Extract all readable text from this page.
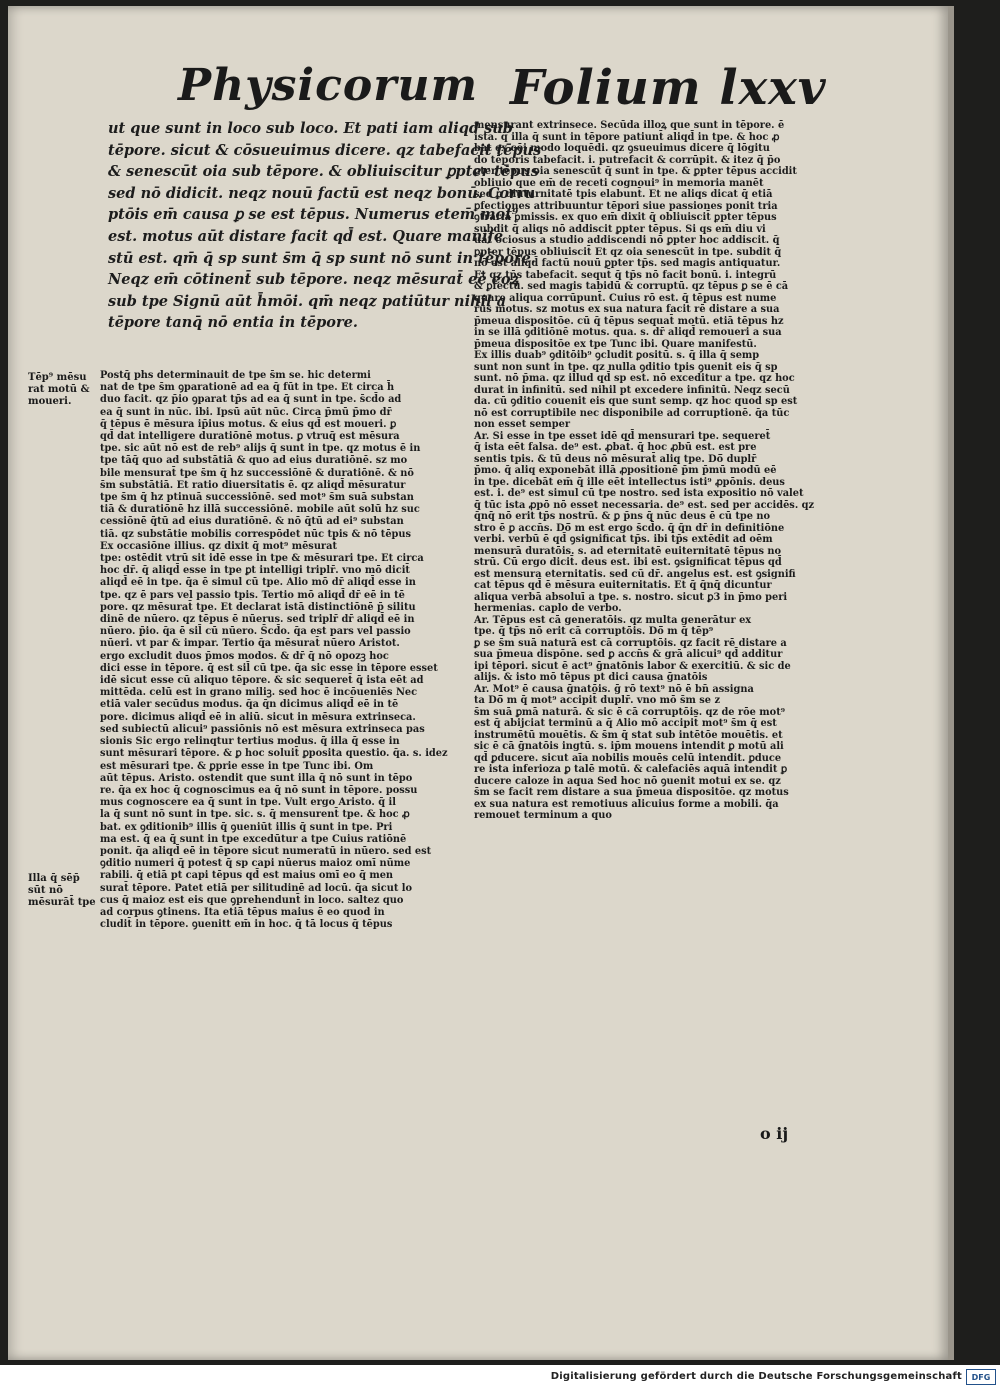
Physicorum Folium lxxv
ut que sunt in loco sub loco. Et pati iam aliqd sub
tēpore. sicut & cōsueuimus dicere. qz tabefacit tēpus
& senescūt oia sub tēpore. & obliuiscitur ꝑpter tēpus
sed nō didicit. neqz nouū factū est neqz bonū. Corru
ptōis em̄ causa ꝑ se est tēpus. Numerus etem̄ mot⁹
est. motus aūt distare facit qd̄ est. Quare manife
stū est. qm̄ q̄ sp sunt s̄m q̄ sp sunt nō sunt in tēpore.
Neqz em̄ cōtinent̄ sub tēpore. neqz mēsurat̄ eē eoꝝ
sub tpe Signū aūt h̄mōi. qm̄ neqz patiūtur nihil a
tēpore tanq̄ nō entia in tēpore.
Postq̄ phs determinauit de tpe s̄m se. hic determi
nat de tpe s̄m ꝯparationē ad ea q̄ fūt in tpe. Et circa h̄
duo facit. qz p̄io ꝯparat tp̄s ad ea q̄ sunt in tpe. s̄cd̄o ad
ea q̄ sunt in nūc. ibi. Ipsū aūt nūc. Circa p̄mū p̄mo dr̄
q̄ tēpus ē mēsura ip̄ius motus. & eius qd̄ est moueri. ꝑ
qd̄ dat intelligere duratiōnē motus. ꝑ vtruq̄ est mēsura
tpe. sic aūt nō est de reb⁹ alijs q̄ sunt in tpe. qz motus ē in
tpe tāq̄ quo ad substātiā & quo ad eius duratiōnē. sz mo
bile mensurat̄ tpe s̄m q̄ hz successiōnē & duratiōnē. & nō
s̄m substātiā. Et ratio diuersitatis ē. qz aliqd̄ mēsuratur
tpe s̄m q̄ hz ptinuā successiōnē. sed mot⁹ s̄m suā substan
tiā & duratiōnē hz illā successiōnē. mobile aūt solū hz suc
cessiōnē q̄tū ad eius duratiōnē. & nō q̄tū ad ei⁹ substan
tiā. qz substātie mobilis correspōdet nūc tpis & nō tēpus
Ex occasiōne illius. qz dixit q̄ mot⁹ mēsurat̄
tpe: ostēdit vtrū sit idē esse in tpe & mēsurari tpe. Et circa
hoc dr̄. q̄ aliqd̄ esse in tpe ꝑt intelligi triplr̄. vno mō dicit̄
aliqd̄ eē in tpe. q̄a ē simul cū tpe. Alio mō dr̄ aliqd̄ esse in
tpe. qz ē pars vel passio tpis. Tertio mō aliqd̄ dr̄ eē in tē
pore. qz mēsurat̄ tpe. Et declarat istā distinctiōnē p̄ silitu
dinē de nūero. qz tēpus ē nūerus. sed triplr̄ dr̄ aliqd̄ eē in
nūero. p̄io. q̄a ē sil̄ cū nūero. S̄cd̄o. q̄a est pars vel passio
nūeri. vt par & impar. Tertio q̄a mēsurat̄ nūero Aristot.
ergo excludit duos p̄mos modos. & dr̄ q̄ nō opozꝫ hoc
dici esse in tēpore. q̄ est sil̄ cū tpe. q̄a sic esse in tēpore esset
idē sicut esse cū aliquo tēpore. & sic sequeret̄ q̄ ista eēt ad
mittēda. celū est in grano miliꝫ. sed hoc ē incōueniēs Nec
etiā valer secūdus modus. q̄a q̄n dicimus aliqd̄ eē in tē
pore. dicimus aliqd̄ eē in aliū. sicut in mēsura extrinseca.
sed subiectū alicui⁹ passiōnis nō est mēsura extrinseca pas
sionis Sic ergo relinqtur tertius modus. q̄ illa q̄ esse in
sunt mēsurari tēpore. & ꝑ hoc soluit̄ ꝑposita questio. q̄a. s. idez
est mēsurari tpe. & ꝑprie esse in tpe Tunc ibi. Om
aūt tēpus. Aristo. ostendit que sunt illa q̄ nō sunt in tēpo
re. q̄a ex hoc q̄ cognoscimus ea q̄ nō sunt in tēpore. possu
mus cognoscere ea q̄ sunt in tpe. Vult ergo Aristo. q̄ il
la q̄ sunt nō sunt in tpe. sic. s. q̄ mensurent̄ tpe. & hoc ꝓ
bat. ex ꝯditionib⁹ illis q̄ ꝯueniūt illis q̄ sunt in tpe. Pri
ma est. q̄ ea q̄ sunt in tpe excedūtur a tpe Cuius ratiōnē
ponit. q̄a aliqd̄ eē in tēpore sicut numeratū in nūero. sed est
ꝯditio numeri q̄ potest q̄ sp capi nūerus maioz omī nūme
rabili. q̄ etiā pt capi tēpus qd̄ est maius omī eo q̄ men
surat̄ tēpore. Patet etiā per silitudinē ad locū. q̄a sicut lo
cus q̄ maioz est eis que ꝯprehendunt̄ in loco. saltez quo
ad corpus ꝯtinens. Ita etiā tēpus maius ē eo quod in
cludit̄ in tēpore. ꝯuenitt em̄ in hoc. q̄ tā locus q̄ tēpus
mensurant extrinsece. Secūda illoꝝ que sunt in tēpore. ē
ista. q̄ illa q̄ sunt in tēpore patiunt̄ aliqd̄ in tpe. & hoc ꝓ
bat ex cōi modo loquēdi. qz ꝯsueuimus dicere q̄ lōgitu
do tēporis tabefacit. i. putrefacit & corrūpit. & itez q̄ p̄o
ꝑter tēpus oia senescūt q̄ sunt in tpe. & ꝑpter tēpus accidit
obliuio que em̄ de receti cognoui⁹ in memoria manēt
sed ꝑ diuturnitatē tpis elabunt̄. Et ne aliqs dicat q̄ etiā
ꝑfectiones attribuuntur tēpori siue passiones ponit tria
ꝯtraria ꝑmissis. ex quo em̄ dixit q̄ obliuiscit̄ ꝑpter tēpus
subdit q̄ aliqs nō addiscit ꝑpter tēpus. Si qs em̄ diu vi
uat ociosus a studio addiscendi nō ꝑpter hoc addiscit. q̄
ꝑpter tēpus obliuiscit̄ Et qz oia senescūt in tpe. subdit q̄
nō est aliqd̄ factū nouū ꝑpter tp̄s. sed magis antiquatur.
Et qz tp̄s tabefacit. sequt̄ q̄ tp̄s nō facit bonū. i. integrū
& ꝑfectū. sed magis tabidū & corruptū. qz tēpus ꝑ se ē cā
quare aliqua corrūpunt̄. Cuius rō est. q̄ tēpus est nume
rus motus. sz motus ex sua natura facit rē distare a sua
p̄meua dispositōe. cū q̄ tēpus sequat̄ motū. etiā tēpus hz
in se illā ꝯditiōnē motus. qua. s. dr̄ aliqd̄ remoueri a sua
p̄meua dispositōe ex tpe Tunc ibi. Quare manifestū.
Ex illis duab⁹ ꝯditōib⁹ ꝯcludit ꝑositū. s. q̄ illa q̄ semp
sunt non sunt in tpe. qz nulla ꝯditio tpis ꝯuenit eis q̄ sp
sunt. nō p̄ma. qz illud qd̄ sp est. nō exceditur a tpe. qz hoc
durat in infinitū. sed nihil pt excedere infinitū. Neqz secū
da. cū ꝯditio couenit eis que sunt semp. qz hoc quod sp est
nō est corruptibile nec disponibile ad corruptionē. q̄a tūc
non esset semper
Ar. Si esse in tpe esset idē qd̄ mensurari tpe. sequeret̄
q̄ ista eēt falsa. de⁹ est. ꝓbat̄. q̄ hoc ꝓbū est. est pre
sentis tpis. & tū deus nō mēsurat̄ aliq tpe. Dō̄ duplr̄
p̄mo. q̄ aliq exponebāt illā ꝓpositionē p̄m p̄mū modū eē
in tpe. dicebāt em̄ q̄ ille eēt intellectus isti⁹ ꝓpōnis. deus
est. i. de⁹ est simul cū tpe nostro. sed ista expositio nō valet
q̄ tūc ista ꝓpō nō esset necessaria. de⁹ est. sed per accidēs. qz
q̄nq̄ nō erit tp̄s nostrū. & ꝑ p̄ns q̄ nūc deus ē cū tpe no
stro ē ꝑ accn̄s. Dō̄ m est ergo s̄cd̄o. q̄ q̄n dr̄ in definitiōne
verbi. verbū ē qd̄ ꝯsignificat tp̄s. ibi tp̄s extēdit ad oēm
mensurā duratōis. s. ad eternitatē euiternitatē tēpus no
strū. Cū ergo dicit̄. deus est. ibi est. ꝯsignificat tēpus qd̄
est mensura eternitatis. sed cū dr̄. angelus est. est ꝯsignifi
cat tēpus qd̄ ē mēsura euiternitatis. Et q̄ q̄nq̄ dicuntur
aliqua verbā absoluī a tpe. s. nostro. sicut ꝑ3 in p̄mo peri
hermenias. caplo de verbo.
Ar. Tēpus est cā generatōis. qz multa generātur ex
tpe. q̄ tp̄s nō erit cā corruptōis. Dō̄ m q̄ tēp⁹
ꝑ se s̄m suā naturā est cā corruptōis. qz facit rē distare a
sua p̄meua dispōne. sed ꝑ accn̄s & grā alicui⁹ qd̄ additur
ipi tēpori. sicut ē act⁹ ḡnatōnis labor & exercitiū. & sic de
alijs. & isto mō tēpus pt dici causa ḡnatōis
Ar. Mot⁹ ē causa ḡnatōis. ḡ rō text⁹ nō ē bn̄ assigna
ta Dō̄ m q̄ mot⁹ accipit̄ duplr̄. vno mō s̄m se z
s̄m suā ꝑmā naturā. & sic ē cā corruptōis. qz de rōe mot⁹
est q̄ abijciat terminū a q̄ Alio mō accipit̄ mot⁹ s̄m q̄ est
instrumētū mouētis. & s̄m q̄ stat sub intētōe mouētis. et
sic ē cā ḡnatōis ingtū. s. ip̄m mouens intendit ꝑ motū ali
qd̄ ꝑducere. sicut aīa nobilis mouēs celū intendit. ꝑduce
re ista inferioza ꝑ talē motū. & calefaciēs aquā intendit ꝑ
ducere caloze in aqua Sed hoc nō ꝯuenit motui ex se. qz
s̄m se facit rem distare a sua p̄meua dispositōe. qz motus
ex sua natura est remotiuus alicuius forme a mobili. q̄a
remouet terminum a quo
Tēp⁹ mēsu rat motū & moueri.
Illa q̄ sēp̄ sūt nō mēsurāt̄ tpe
o ij
Digitalisierung gefördert durch die Deutsche Forschungsgemeinschaft	DFG
